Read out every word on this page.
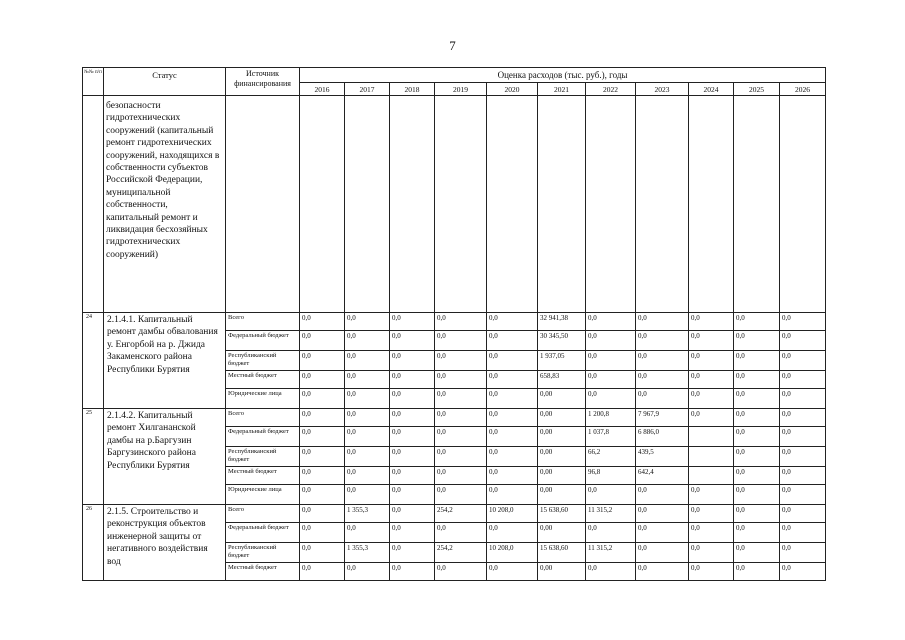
7
№№ п/п	Статус	Источник финансирования	Оценка расходов (тыс. руб.), годы										
			2016	2017	2018	2019	2020	2021	2022	2023	2024	2025	2026
	безопасности гидротехнических сооружений (капитальный ремонт гидротехнических сооружений, находящихся в собственности субъектов Российской Федерации, муниципальной собственности, капитальный ремонт и ликвидация бесхозяйных гидротехнических сооружений)												
24	2.1.4.1. Капитальный ремонт дамбы обвалования у. Енгорбой на р. Джида Закаменского района Республики Бурятия	Всего	0,0	0,0	0,0	0,0	0,0	32 941,38	0,0	0,0	0,0	0,0	0,0
		Федеральный бюджет	0,0	0,0	0,0	0,0	0,0	30 345,50	0,0	0,0	0,0	0,0	0,0
		Республиканский бюджет	0,0	0,0	0,0	0,0	0,0	1 937,05	0,0	0,0	0,0	0,0	0,0
		Местный бюджет	0,0	0,0	0,0	0,0	0,0	658,83	0,0	0,0	0,0	0,0	0,0
		Юридические лица	0,0	0,0	0,0	0,0	0,0	0,00	0,0	0,0	0,0	0,0	0,0
25	2.1.4.2. Капитальный ремонт Хилгананской дамбы на р.Баргузин Баргузинского района Республики Бурятия	Всего	0,0	0,0	0,0	0,0	0,0	0,00	1 200,8	7 967,9	0,0	0,0	0,0
		Федеральный бюджет	0,0	0,0	0,0	0,0	0,0	0,00	1 037,8	6 886,0		0,0	0,0
		Республиканский бюджет	0,0	0,0	0,0	0,0	0,0	0,00	66,2	439,5		0,0	0,0
		Местный бюджет	0,0	0,0	0,0	0,0	0,0	0,00	96,8	642,4		0,0	0,0
		Юридические лица	0,0	0,0	0,0	0,0	0,0	0,00	0,0	0,0	0,0	0,0	0,0
26	2.1.5. Строительство и реконструкция объектов инженерной защиты от негативного воздействия вод	Всего	0,0	1 355,3	0,0	254,2	10 208,0	15 638,60	11 315,2	0,0	0,0	0,0	0,0
		Федеральный бюджет	0,0	0,0	0,0	0,0	0,0	0,00	0,0	0,0	0,0	0,0	0,0
		Республиканский бюджет	0,0	1 355,3	0,0	254,2	10 208,0	15 638,60	11 315,2	0,0	0,0	0,0	0,0
		Местный бюджет	0,0	0,0	0,0	0,0	0,0	0,00	0,0	0,0	0,0	0,0	0,0
